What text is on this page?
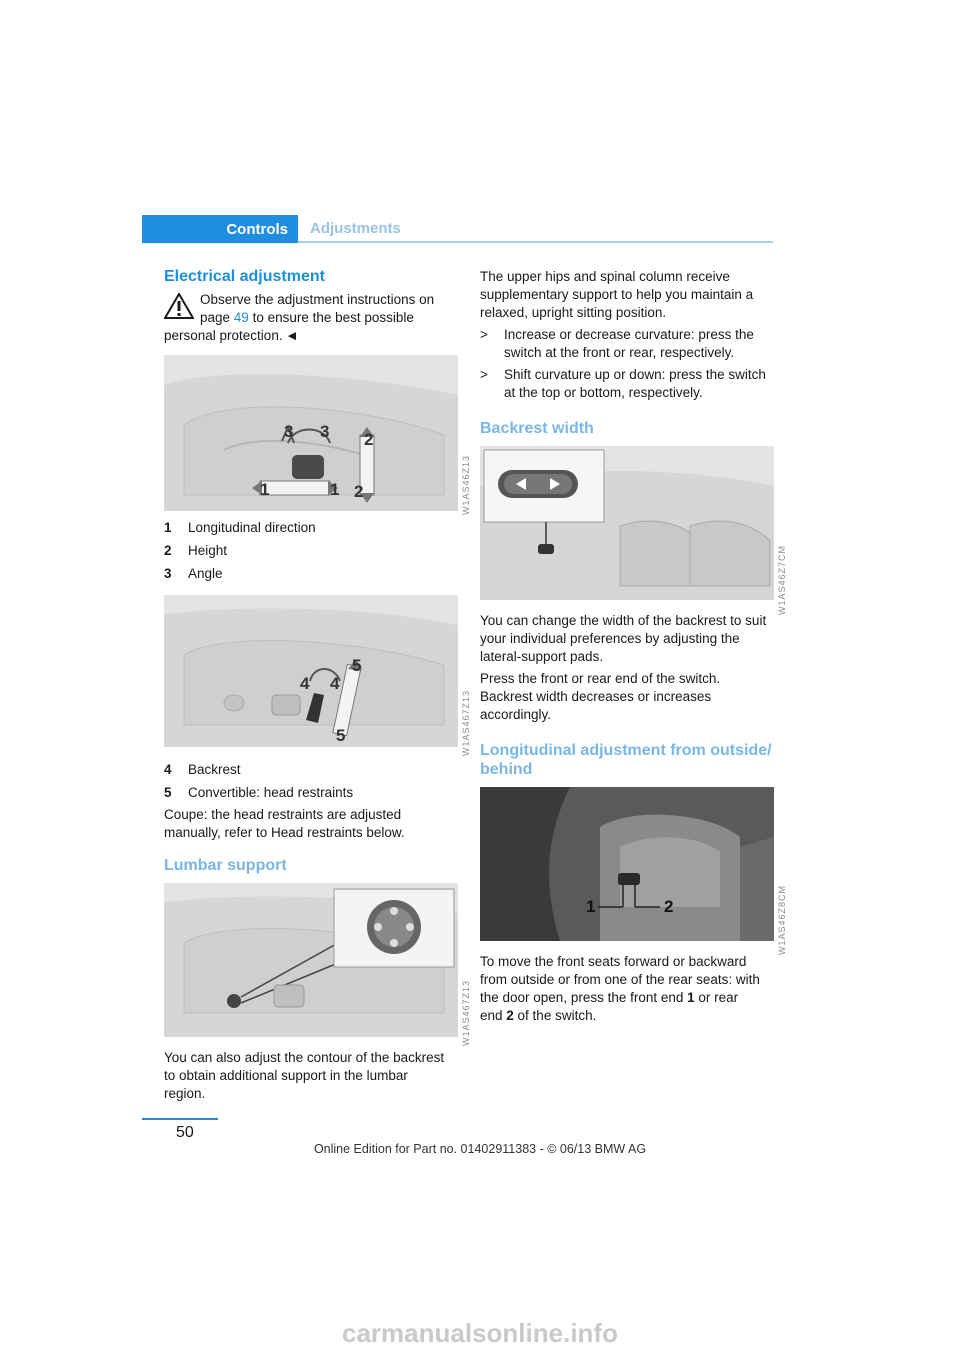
Controls Adjustments
Electrical adjustment

Observe the adjustment instructions on

page 49 to ensure the best possible

personal protection. ◄

1	1
2
2
3 3
W1AS46Z13
1 Longitudinal direction
2 Height
3 Angle
4 4
5
5	W1AS467Z13
4 Backrest
5 Convertible: head restraints

Coupe: the head restraints are adjusted

manually, refer to Head restraints below.

Lumbar support
W1AS467Z13

You can also adjust the contour of the backrest

to obtain additional support in the lumbar

region.

The upper hips and spinal column receive

supplementary support to help you maintain a

relaxed, upright sitting position.

>	Increase or decrease curvature: press the
switch at the front or rear, respectively.
>	Shift curvature up or down: press the switch
at the top or bottom, respectively.
Backrest width
W1AS46Z7CM

You can change the width of the backrest to suit

your individual preferences by adjusting the

lateral-support pads.

Press the front or rear end of the switch.

Backrest width decreases or increases

accordingly.

Longitudinal adjustment from outside/
behind
1	2	W1AS46Z8CM

To move the front seats forward or backward

from outside or from one of the rear seats: with

the door open, press the front end 1 or rear

end 2 of the switch.

50
Online Edition for Part no. 01402911383 - © 06/13 BMW AG
carmanualsonline.info
